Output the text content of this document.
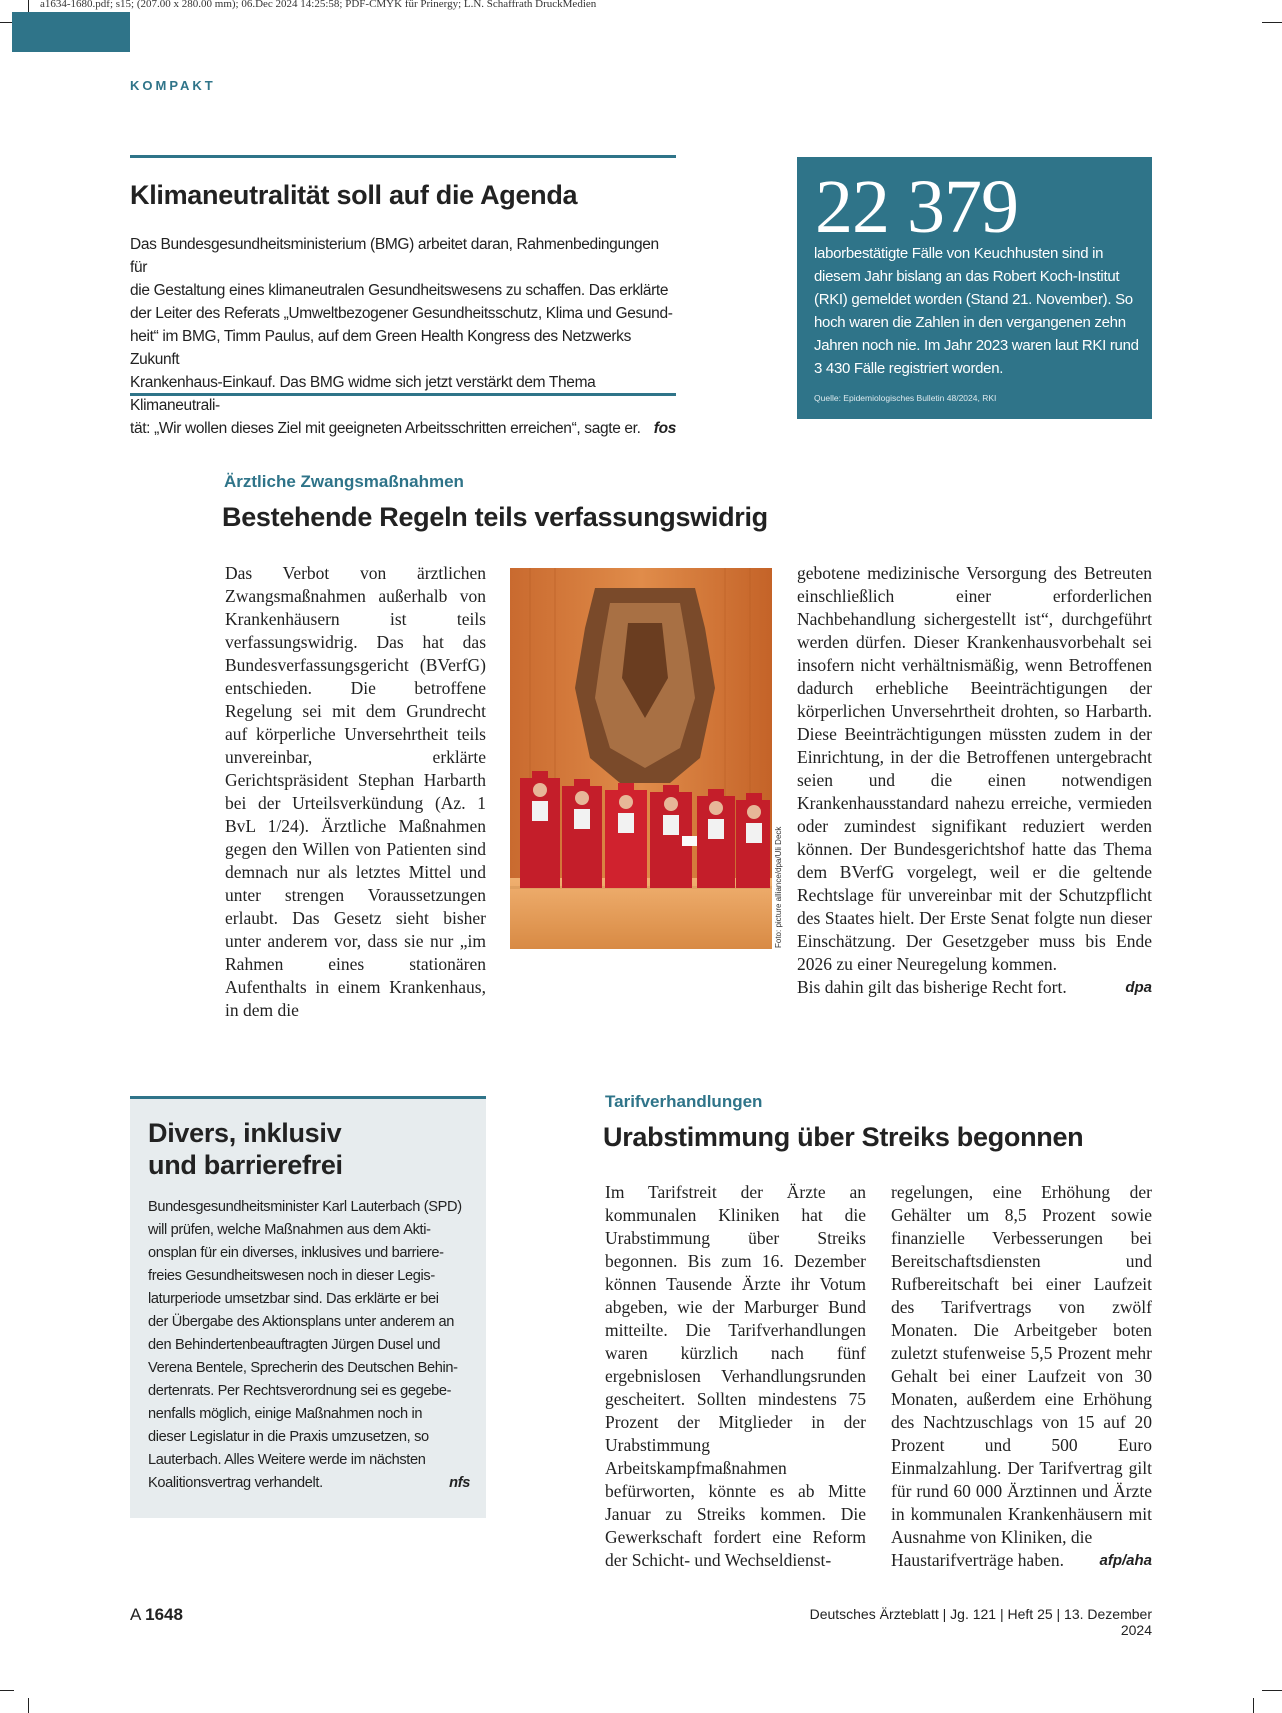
a1634-1680.pdf; s15; (207.00 x 280.00 mm); 06.Dec 2024 14:25:58; PDF-CMYK für Prinergy; L.N. Schaffrath DruckMedien
KOMPAKT
Klimaneutralität soll auf die Agenda
Das Bundesgesundheitsministerium (BMG) arbeitet daran, Rahmenbedingungen für
die Gestaltung eines klimaneutralen Gesundheitswesens zu schaffen. Das erklärte
der Leiter des Referats „Umweltbezogener Gesundheitsschutz, Klima und Gesund-
heit“ im BMG, Timm Paulus, auf dem Green Health Kongress des Netzwerks Zukunft
Krankenhaus-Einkauf. Das BMG widme sich jetzt verstärkt dem Thema Klimaneutrali-
tät: „Wir wollen dieses Ziel mit geeigneten Arbeitsschritten erreichen“, sagte er. fos
22 379
laborbestätigte Fälle von Keuchhusten sind in diesem Jahr bislang an das Robert Koch-Institut (RKI) gemeldet worden (Stand 21. November). So hoch waren die Zahlen in den vergangenen zehn Jahren noch nie. Im Jahr 2023 waren laut RKI rund 3 430 Fälle registriert worden.
Quelle: Epidemiologisches Bulletin 48/2024, RKI
Ärztliche Zwangsmaßnahmen
Bestehende Regeln teils verfassungswidrig
Das Verbot von ärztlichen Zwangsmaßnahmen außerhalb von Krankenhäusern ist teils verfassungswidrig. Das hat das Bundesverfassungsgericht (BVerfG) entschieden. Die betroffene Regelung sei mit dem Grundrecht auf körperliche Unversehrtheit teils unvereinbar, erklärte Gerichtspräsident Stephan Harbarth bei der Urteilsverkündung (Az. 1 BvL 1/24). Ärztliche Maßnahmen gegen den Willen von Patienten sind demnach nur als letztes Mittel und unter strengen Voraussetzungen erlaubt. Das Gesetz sieht bisher unter anderem vor, dass sie nur „im Rahmen eines stationären Aufenthalts in einem Krankenhaus, in dem die
Foto: picture alliance/dpa/Uli Deck
gebotene medizinische Versorgung des Betreuten einschließlich einer erforderlichen Nachbehandlung sichergestellt ist“, durchgeführt werden dürfen. Dieser Krankenhausvorbehalt sei insofern nicht verhältnismäßig, wenn Betroffenen dadurch erhebliche Beeinträchtigungen der körperlichen Unversehrtheit drohten, so Harbarth. Diese Beeinträchtigungen müssten zudem in der Einrichtung, in der die Betroffenen untergebracht seien und die einen notwendigen Krankenhausstandard nahezu erreiche, vermieden oder zumindest signifikant reduziert werden können. Der Bundesgerichtshof hatte das Thema dem BVerfG vorgelegt, weil er die geltende Rechtslage für unvereinbar mit der Schutzpflicht des Staates hielt. Der Erste Senat folgte nun dieser Einschätzung. Der Gesetzgeber muss bis Ende 2026 zu einer Neuregelung kommen.
Bis dahin gilt das bisherige Recht fort.	dpa
Divers, inklusiv
und barrierefrei
Bundesgesundheitsminister Karl Lauterbach (SPD)
will prüfen, welche Maßnahmen aus dem Akti-
onsplan für ein diverses, inklusives und barriere-
freies Gesundheitswesen noch in dieser Legis-
laturperiode umsetzbar sind. Das erklärte er bei
der Übergabe des Aktionsplans unter anderem an
den Behindertenbeauftragten Jürgen Dusel und
Verena Bentele, Sprecherin des Deutschen Behin-
dertenrats. Per Rechtsverordnung sei es gegebe-
nenfalls möglich, einige Maßnahmen noch in
dieser Legislatur in die Praxis umzusetzen, so
Lauterbach. Alles Weitere werde im nächsten
Koalitionsvertrag verhandelt.	nfs
Tarifverhandlungen
Urabstimmung über Streiks begonnen
Im Tarifstreit der Ärzte an kommunalen Kliniken hat die Urabstimmung über Streiks begonnen. Bis zum 16. Dezember können Tausende Ärzte ihr Votum abgeben, wie der Marburger Bund mitteilte. Die Tarifverhandlungen waren kürzlich nach fünf ergebnislosen Verhandlungsrunden gescheitert. Sollten mindestens 75 Prozent der Mitglieder in der Urabstimmung Arbeitskampfmaßnahmen befürworten, könnte es ab Mitte Januar zu Streiks kommen. Die Gewerkschaft fordert eine Reform der Schicht- und Wechseldienst-
regelungen, eine Erhöhung der Gehälter um 8,5 Prozent sowie finanzielle Verbesserungen bei Bereitschaftsdiensten und Rufbereitschaft bei einer Laufzeit des Tarifvertrags von zwölf Monaten. Die Arbeitgeber boten zuletzt stufenweise 5,5 Prozent mehr Gehalt bei einer Laufzeit von 30 Monaten, außerdem eine Erhöhung des Nachtzuschlags von 15 auf 20 Prozent und 500 Euro Einmalzahlung. Der Tarifvertrag gilt für rund 60 000 Ärztinnen und Ärzte in kommunalen Krankenhäusern mit Ausnahme von Kliniken, die
Haustarifverträge haben. afp/aha
A 1648	Deutsches Ärzteblatt | Jg. 121 | Heft 25 | 13. Dezember 2024
